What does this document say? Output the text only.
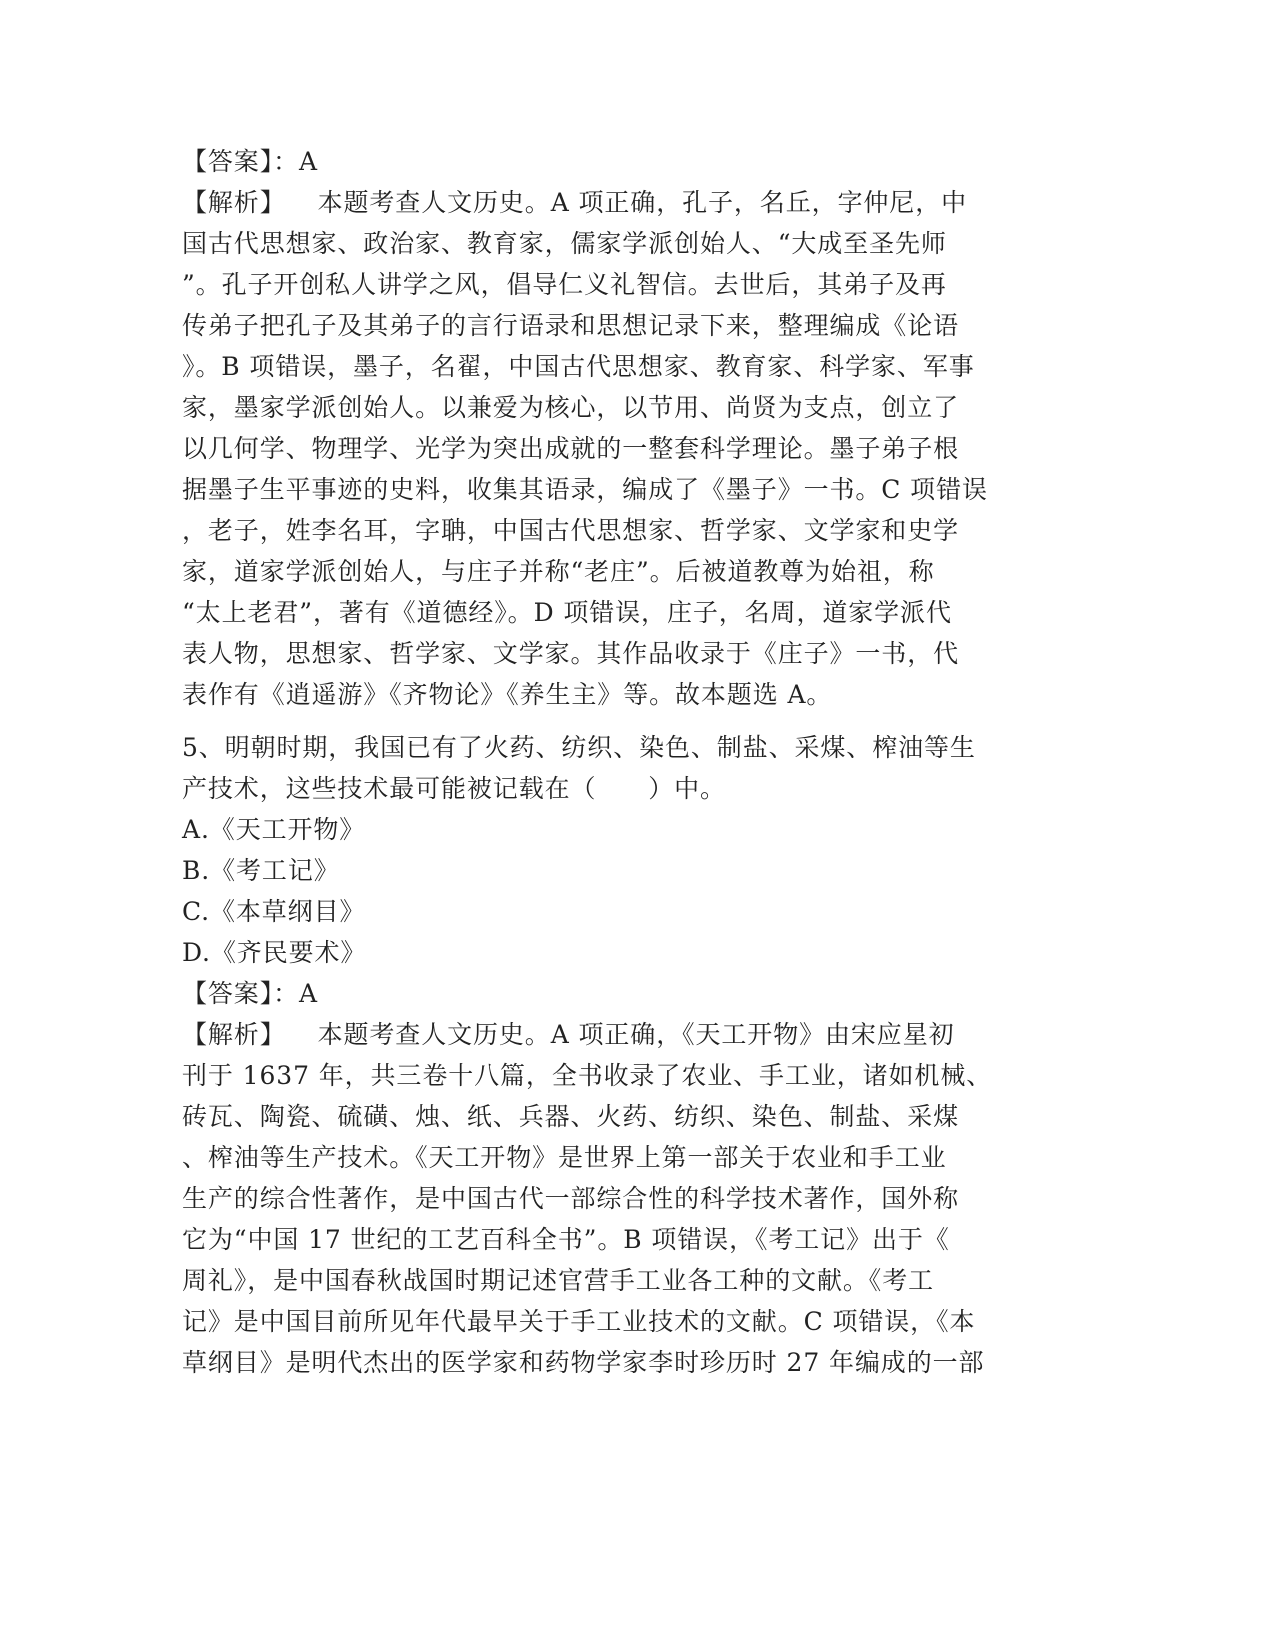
【答案】：A
【解析】 本题考查人文历史。A 项正确，孔子，名丘，字仲尼，中
国古代思想家、政治家、教育家，儒家学派创始人、“大成至圣先师
”。孔子开创私人讲学之风，倡导仁义礼智信。去世后，其弟子及再
传弟子把孔子及其弟子的言行语录和思想记录下来，整理编成《论语
》。B 项错误，墨子，名翟，中国古代思想家、教育家、科学家、军事
家，墨家学派创始人。以兼爱为核心，以节用、尚贤为支点，创立了
以几何学、物理学、光学为突出成就的一整套科学理论。墨子弟子根
据墨子生平事迹的史料，收集其语录，编成了《墨子》一书。C 项错误
，老子，姓李名耳，字聃，中国古代思想家、哲学家、文学家和史学
家，道家学派创始人，与庄子并称“老庄”。后被道教尊为始祖，称
“太上老君”，著有《道德经》。D 项错误，庄子，名周，道家学派代
表人物，思想家、哲学家、文学家。其作品收录于《庄子》一书，代
表作有《逍遥游》《齐物论》《养生主》等。故本题选 A。
5、明朝时期，我国已有了火药、纺织、染色、制盐、采煤、榨油等生
产技术，这些技术最可能被记载在（　　）中。
A.《天工开物》
B.《考工记》
C.《本草纲目》
D.《齐民要术》
【答案】：A
【解析】 本题考查人文历史。A 项正确，《天工开物》由宋应星初
刊于 1637 年，共三卷十八篇，全书收录了农业、手工业，诸如机械、
砖瓦、陶瓷、硫磺、烛、纸、兵器、火药、纺织、染色、制盐、采煤
、榨油等生产技术。《天工开物》是世界上第一部关于农业和手工业
生产的综合性著作，是中国古代一部综合性的科学技术著作，国外称
它为“中国 17 世纪的工艺百科全书”。B 项错误，《考工记》出于《
周礼》，是中国春秋战国时期记述官营手工业各工种的文献。《考工
记》是中国目前所见年代最早关于手工业技术的文献。C 项错误，《本
草纲目》是明代杰出的医学家和药物学家李时珍历时 27 年编成的一部
